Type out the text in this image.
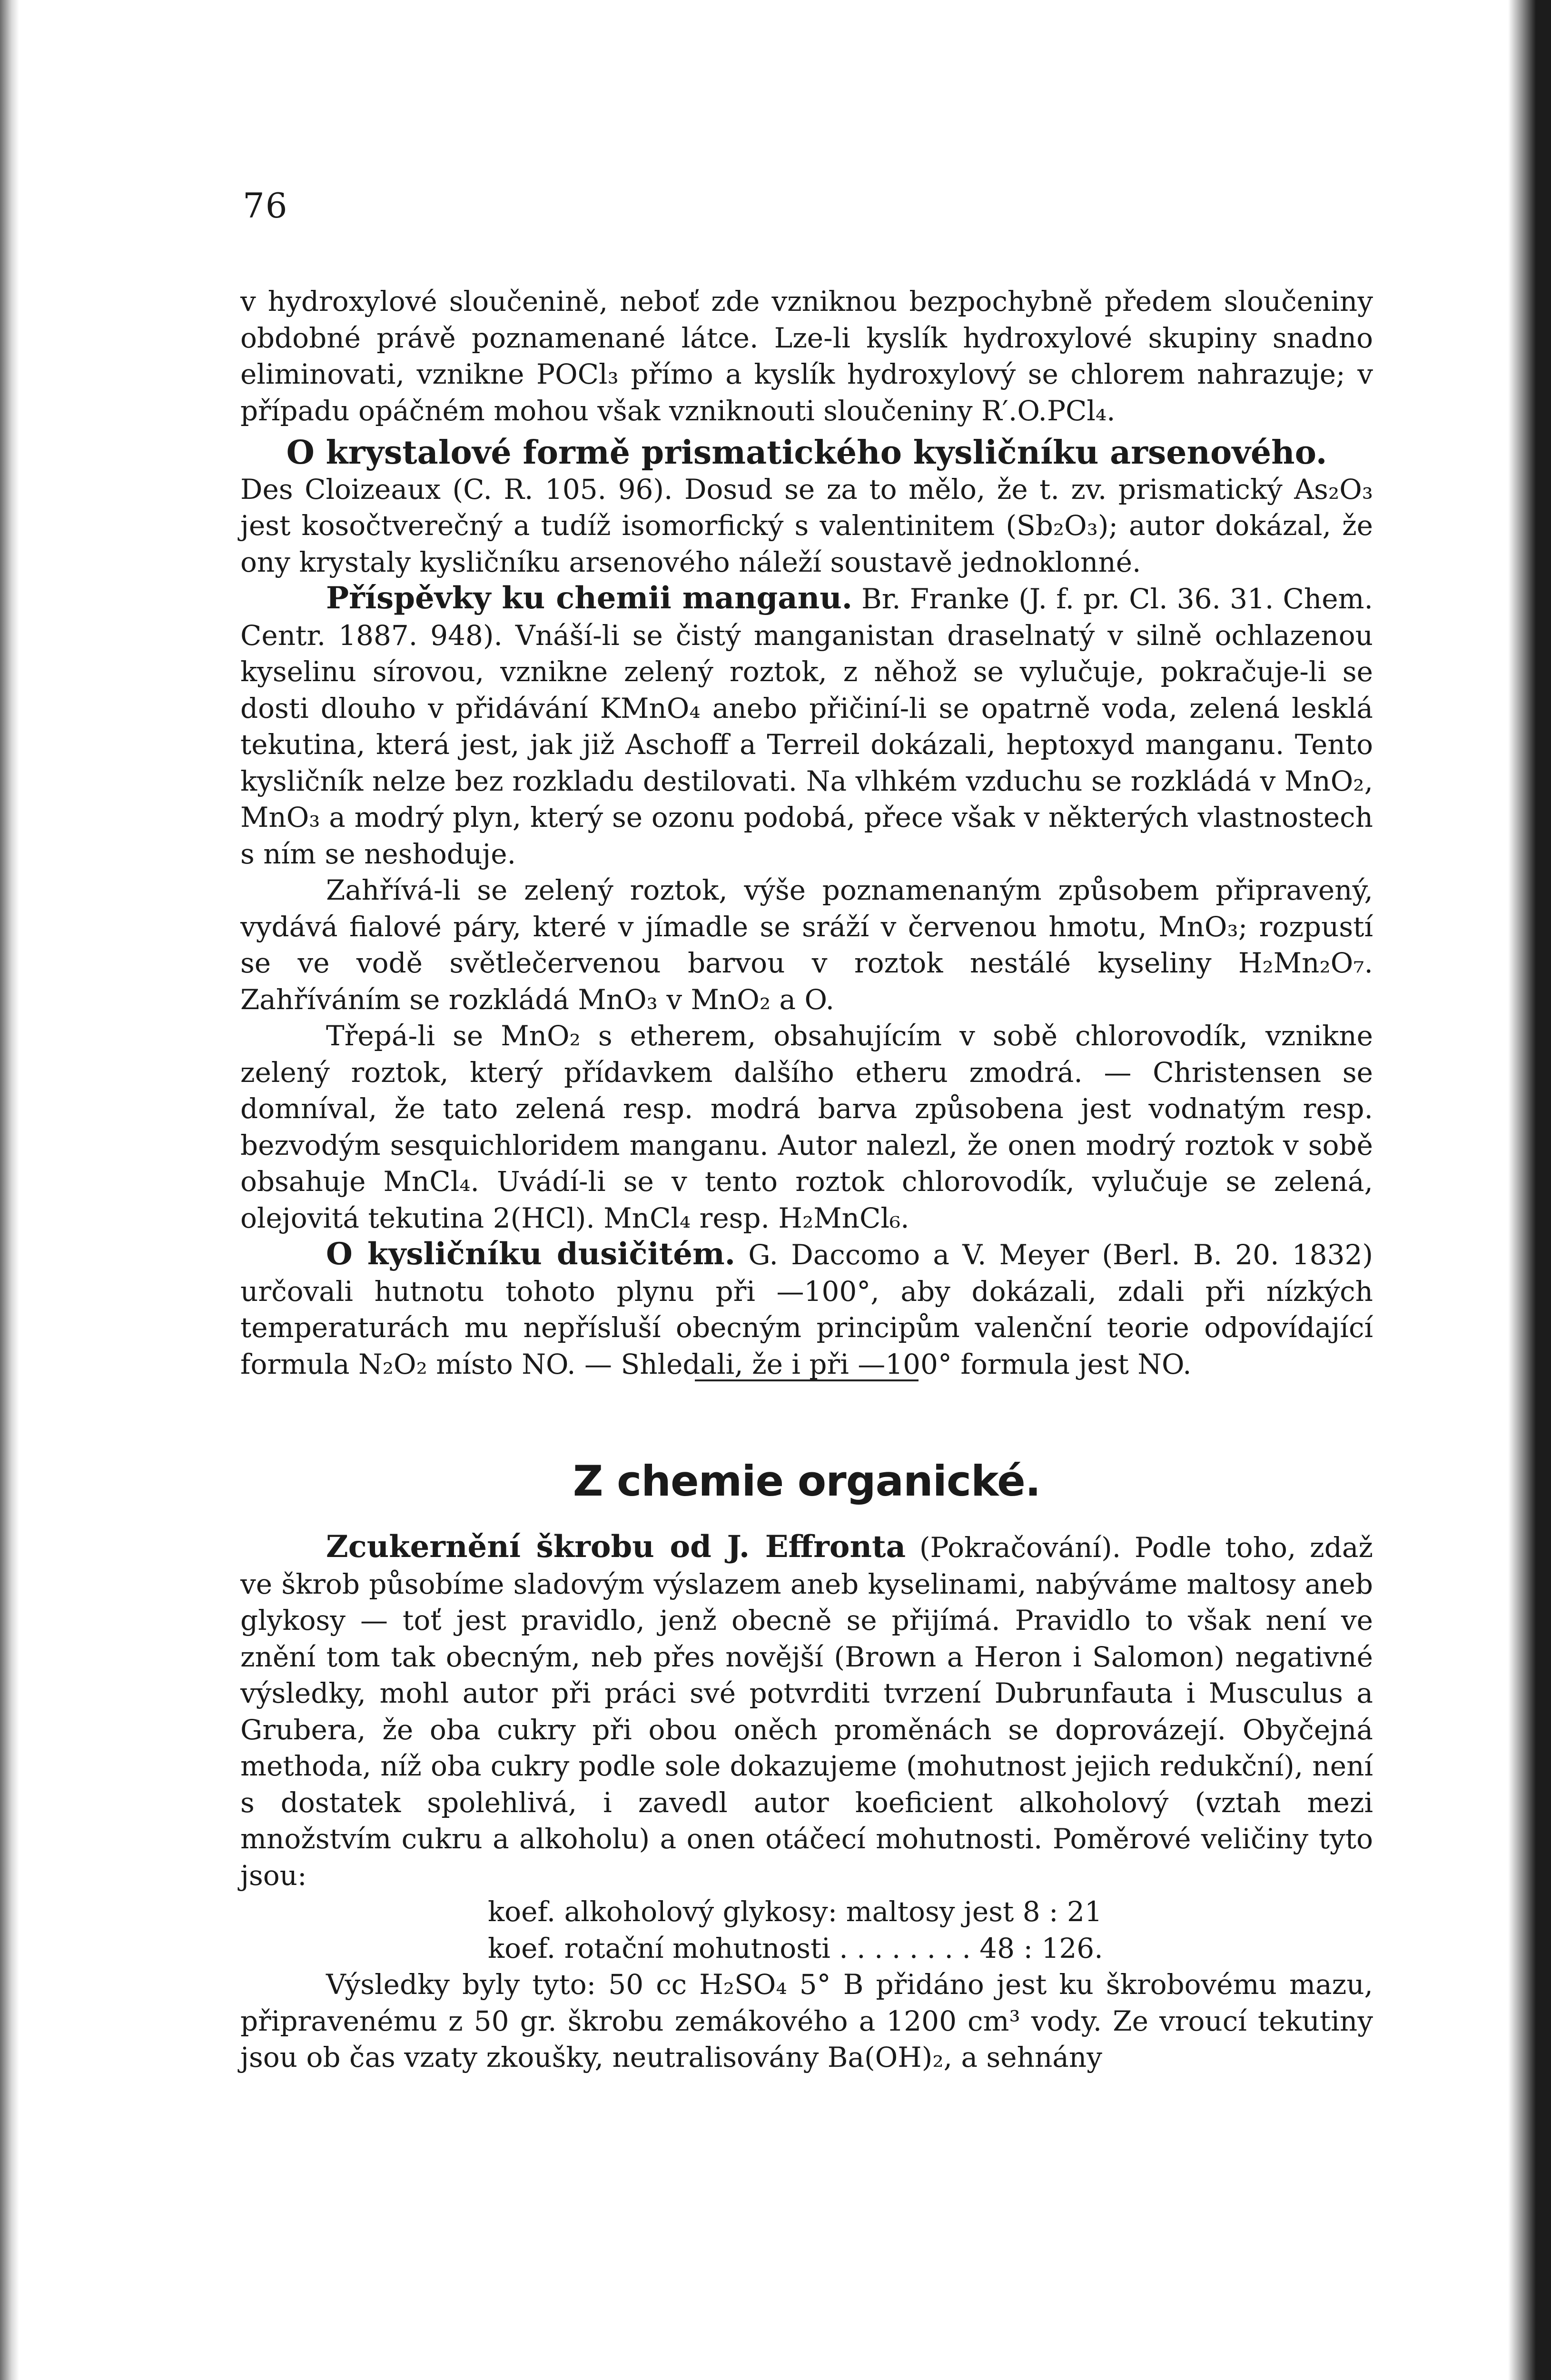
76

v hydroxylové sloučenině, neboť zde vzniknou bezpochybně předem sloučeniny obdobné právě poznamenané látce. Lze-li kyslík hydroxylové skupiny snadno eliminovati, vznikne POCl₃ přímo a kyslík hydroxylový se chlorem nahrazuje; v případu opáčném mohou však vzniknouti sloučeniny R′.O.PCl₄.

O krystalové formě prismatického kysličníku arsenového.

Des Cloizeaux (C. R. 105. 96). Dosud se za to mělo, že t. zv. prismatický As₂O₃ jest kosočtverečný a tudíž isomorfický s valentinitem (Sb₂O₃); autor dokázal, že ony krystaly kysličníku arsenového náleží soustavě jednoklonné.

Příspěvky ku chemii manganu. Br. Franke (J. f. pr. Cl. 36. 31. Chem. Centr. 1887. 948). Vnáší-li se čistý manganistan draselnatý v silně ochlazenou kyselinu sírovou, vznikne zelený roztok, z něhož se vylučuje, pokračuje-li se dosti dlouho v přidávání KMnO₄ anebo přičiní-li se opatrně voda, zelená lesklá tekutina, která jest, jak již Aschoff a Terreil dokázali, heptoxyd manganu. Tento kysličník nelze bez rozkladu destilovati. Na vlhkém vzduchu se rozkládá v MnO₂, MnO₃ a modrý plyn, který se ozonu podobá, přece však v některých vlastnostech s ním se neshoduje.

Zahřívá-li se zelený roztok, výše poznamenaným způsobem připravený, vydává fialové páry, které v jímadle se sráží v červenou hmotu, MnO₃; rozpustí se ve vodě světlečervenou barvou v roztok nestálé kyseliny H₂Mn₂O₇. Zahříváním se rozkládá MnO₃ v MnO₂ a O.

Třepá-li se MnO₂ s etherem, obsahujícím v sobě chlorovodík, vznikne zelený roztok, který přídavkem dalšího etheru zmodrá. — Christensen se domníval, že tato zelená resp. modrá barva způsobena jest vodnatým resp. bezvodým sesquichloridem manganu. Autor nalezl, že onen modrý roztok v sobě obsahuje MnCl₄. Uvádí-li se v tento roztok chlorovodík, vylučuje se zelená, olejovitá tekutina 2(HCl). MnCl₄ resp. H₂MnCl₆.

O kysličníku dusičitém. G. Daccomo a V. Meyer (Berl. B. 20. 1832) určovali hutnotu tohoto plynu při —100°, aby dokázali, zdali při nízkých temperaturách mu nepřísluší obecným principům valenční teorie odpovídající formula N₂O₂ místo NO. — Shledali, že i při —100° formula jest NO.

Z chemie organické.

Zcukernění škrobu od J. Effronta (Pokračování). Podle toho, zdaž ve škrob působíme sladovým výslazem aneb kyselinami, nabýváme maltosy aneb glykosy — toť jest pravidlo, jenž obecně se přijímá. Pravidlo to však není ve znění tom tak obecným, neb přes novější (Brown a Heron i Salomon) negativné výsledky, mohl autor při práci své potvrditi tvrzení Dubrunfauta i Musculus a Grubera, že oba cukry při obou oněch proměnách se doprovázejí. Obyčejná methoda, níž oba cukry podle sole dokazujeme (mohutnost jejich redukční), není s dostatek spolehlivá, i zavedl autor koeficient alkoholový (vztah mezi množstvím cukru a alkoholu) a onen otáčecí mohutnosti. Poměrové veličiny tyto jsou:

koef. alkoholový glykosy: maltosy jest 8 : 21

koef. rotační mohutnosti . . . . . . . . 48 : 126.

Výsledky byly tyto: 50 cc H₂SO₄ 5° B přidáno jest ku škrobovému mazu, připravenému z 50 gr. škrobu zemákového a 1200 cm³ vody. Ze vroucí tekutiny jsou ob čas vzaty zkoušky, neutralisovány Ba(OH)₂, a sehnány
